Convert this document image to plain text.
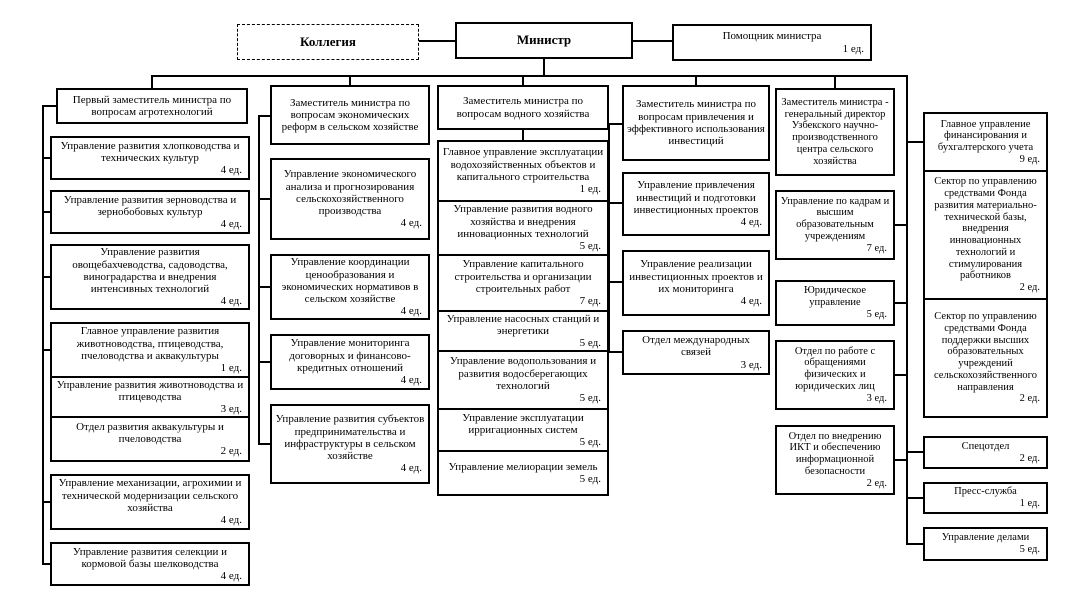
Коллегия	Министр	Помощник министра
1 ед.
Первый заместитель министра по вопросам агротехнологий
Управление развития хлопководства и технических культур
4 ед.
Управление развития зерноводства и зернобобовых культур
4 ед.
Управление развития овощебахчеводства, садоводства, виноградарства и внедрения интенсивных технологий
4 ед.
Главное управление развития животноводства, птицеводства, пчеловодства и аквакультуры
1 ед.
Управление развития животноводства и птицеводства
3 ед.
Отдел развития аквакультуры и пчеловодства
2 ед.
Управление механизации, агрохимии и технической модернизации сельского хозяйства
4 ед.
Управление развития селекции и кормовой базы шелководства
4 ед.
Заместитель министра по вопросам экономических реформ в сельском хозяйстве
Управление экономического анализа и прогнозирования сельскохозяйственного производства
4 ед.
Управление координации ценообразования и экономических нормативов в сельском хозяйстве
4 ед.
Управление мониторинга договорных и финансово-кредитных отношений
4 ед.
Управление развития субъектов предпринимательства и инфраструктуры в сельском хозяйстве
4 ед.
Заместитель министра по вопросам водного хозяйства
Главное управление эксплуатации водохозяйственных объектов и капитального строительства
1 ед.
Управление развития водного хозяйства и внедрения инновационных технологий
5 ед.
Управление капитального строительства и организации строительных работ
7 ед.
Управление насосных станций и энергетики
5 ед.
Управление водопользования и развития водосберегающих технологий
5 ед.
Управление эксплуатации ирригационных систем
5 ед.
Управление мелиорации земель
5 ед.
Заместитель министра по вопросам привлечения и эффективного использования инвестиций
Управление привлечения инвестиций и подготовки инвестиционных проектов
4 ед.
Управление реализации инвестиционных проектов и их мониторинга
4 ед.
Отдел международных связей
3 ед.
Заместитель министра - генеральный директор Узбекского научно-производственного центра сельского хозяйства
Управление по кадрам и высшим образовательным учреждениям
7 ед.
Юридическое управление
5 ед.
Отдел по работе с обращениями физических и юридических лиц
3 ед.
Отдел по внедрению ИКТ и обеспечению информационной безопасности
2 ед.
Главное управление финансирования и бухгалтерского учета
9 ед.
Сектор по управлению средствами Фонда развития материально-технической базы, внедрения инновационных технологий и стимулирования работников
2 ед.
Сектор по управлению средствами Фонда поддержки высших образовательных учреждений сельскохозяйственного направления
2 ед.
Спецотдел
2 ед.
Пресс-служба
1 ед.
Управление делами
5 ед.
